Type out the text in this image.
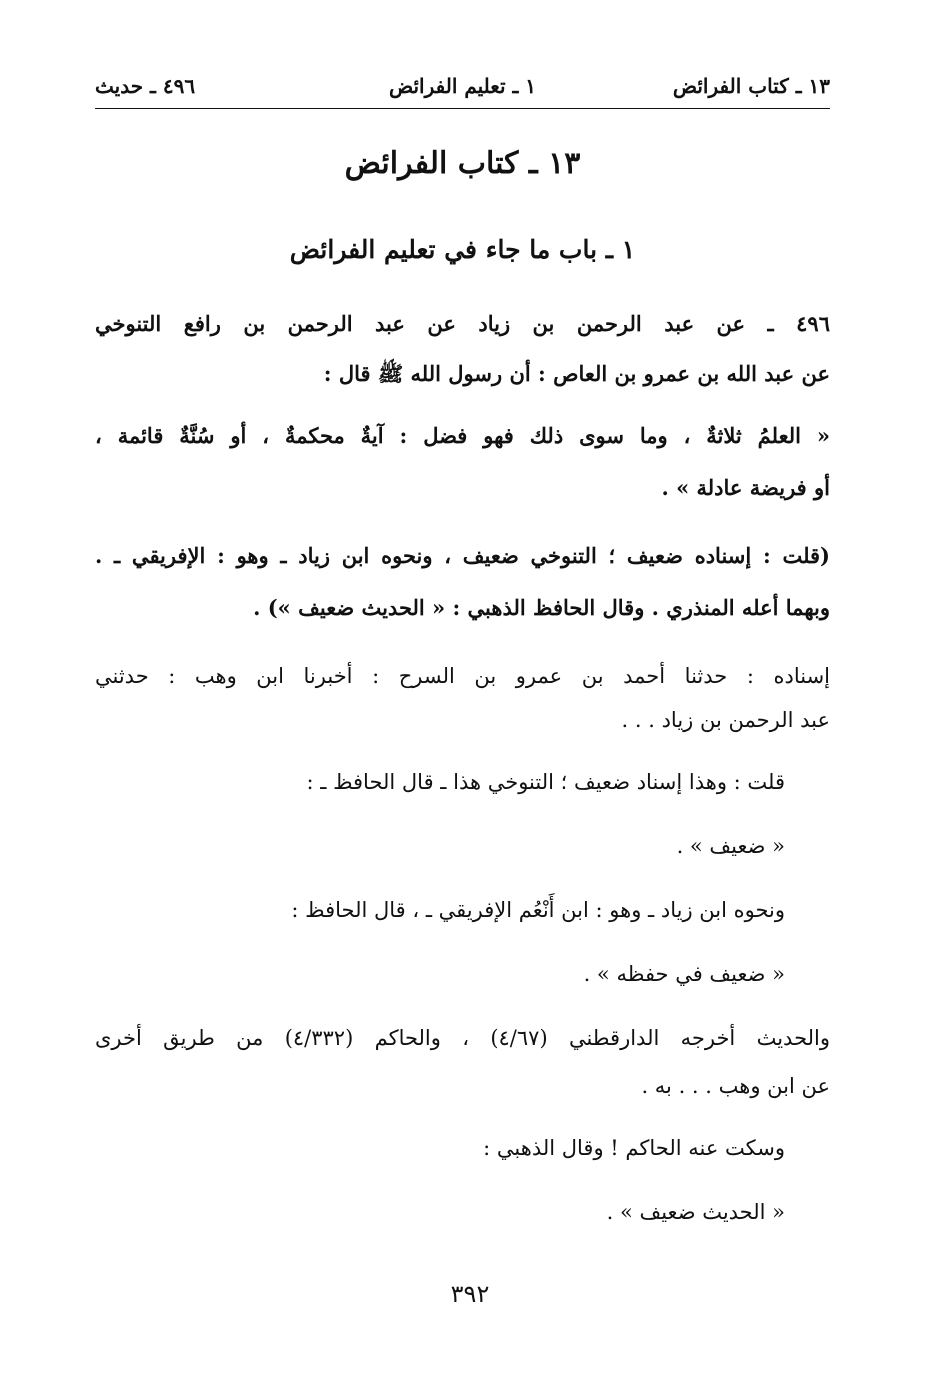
١٣ ـ كتاب الفرائض
١ ـ تعليم الفرائض
٤٩٦ ـ حديث
١٣ ـ كتاب الفرائض
١ ـ باب ما جاء في تعليم الفرائض
٤٩٦ ـ عن عبد الرحمن بن زياد عن عبد الرحمن بن رافع التنوخي
عن عبد الله بن عمرو بن العاص : أن رسول الله ﷺ قال :
« العلمُ ثلاثةٌ ، وما سوى ذلك فهو فضل : آيةٌ محكمةٌ ، أو سُنَّةٌ قائمة ،
أو فريضة عادلة » .
(قلت : إسناده ضعيف ؛ التنوخي ضعيف ، ونحوه ابن زياد ـ وهو : الإفريقي ـ .
وبهما أعله المنذري . وقال الحافظ الذهبي : « الحديث ضعيف ») .
إسناده : حدثنا أحمد بن عمرو بن السرح : أخبرنا ابن وهب : حدثني
عبد الرحمن بن زياد . . .
قلت : وهذا إسناد ضعيف ؛ التنوخي هذا ـ قال الحافظ ـ :
« ضعيف » .
ونحوه ابن زياد ـ وهو : ابن أَنْعُم الإفريقي ـ ، قال الحافظ :
« ضعيف في حفظه » .
والحديث أخرجه الدارقطني (٤/٦٧) ، والحاكم (٤/٣٣٢) من طريق أخرى
عن ابن وهب . . . به .
وسكت عنه الحاكم ! وقال الذهبي :
« الحديث ضعيف » .
٣٩٢
